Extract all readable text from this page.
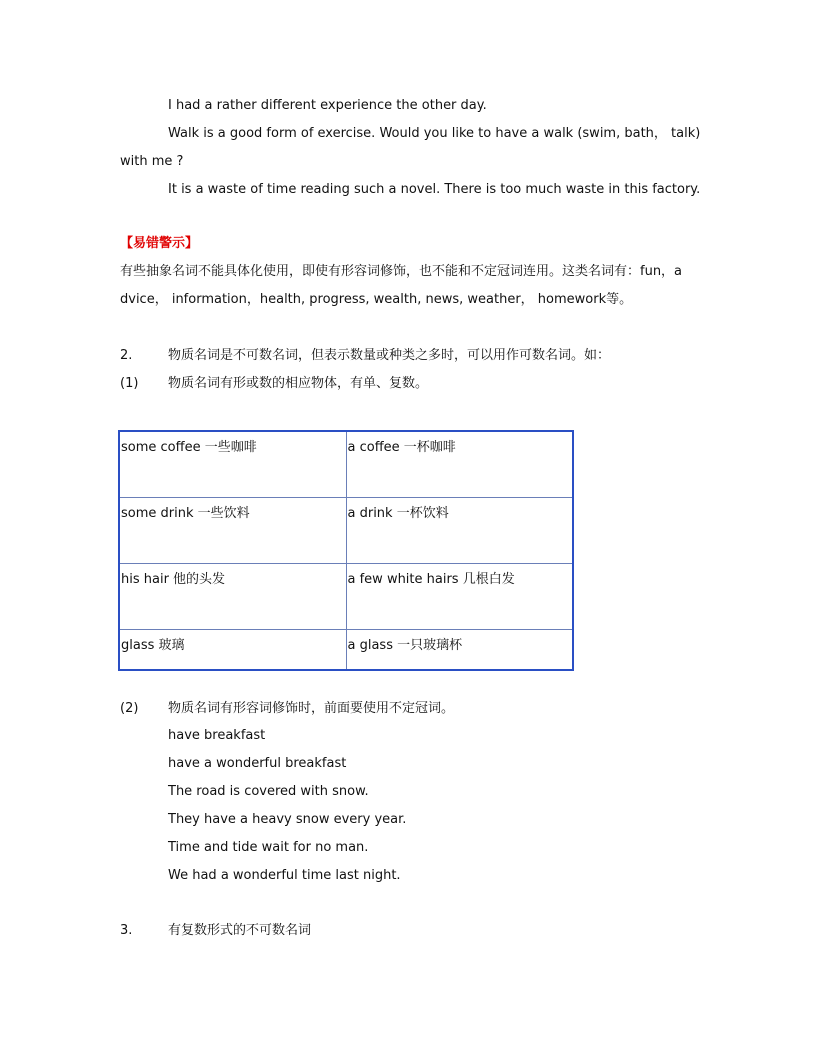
I had a rather different experience the other day.
Walk is a good form of exercise. Would you like to have a walk (swim, bath， talk)
with me ?
It is a waste of time reading such a novel. There is too much waste in this factory.
【易错警示】
有些抽象名词不能具体化使用，即使有形容词修饰，也不能和不定冠词连用。这类名词有：fun，a
dvice， information，health, progress, wealth, news, weather， homework等。
2.	物质名词是不可数名词，但表示数量或种类之多时，可以用作可数名词。如：
(1) 物质名词有形或数的相应物体，有单、复数。
some coffee 一些咖啡	a coffee 一杯咖啡
some drink 一些饮料	a drink 一杯饮料
his hair 他的头发	a few white hairs 几根白发
glass 玻璃	a glass 一只玻璃杯
(2) 物质名词有形容词修饰时，前面要使用不定冠词。
have breakfast
have a wonderful breakfast
The road is covered with snow.
They have a heavy snow every year.
Time and tide wait for no man.
We had a wonderful time last night.
3.	有复数形式的不可数名词
